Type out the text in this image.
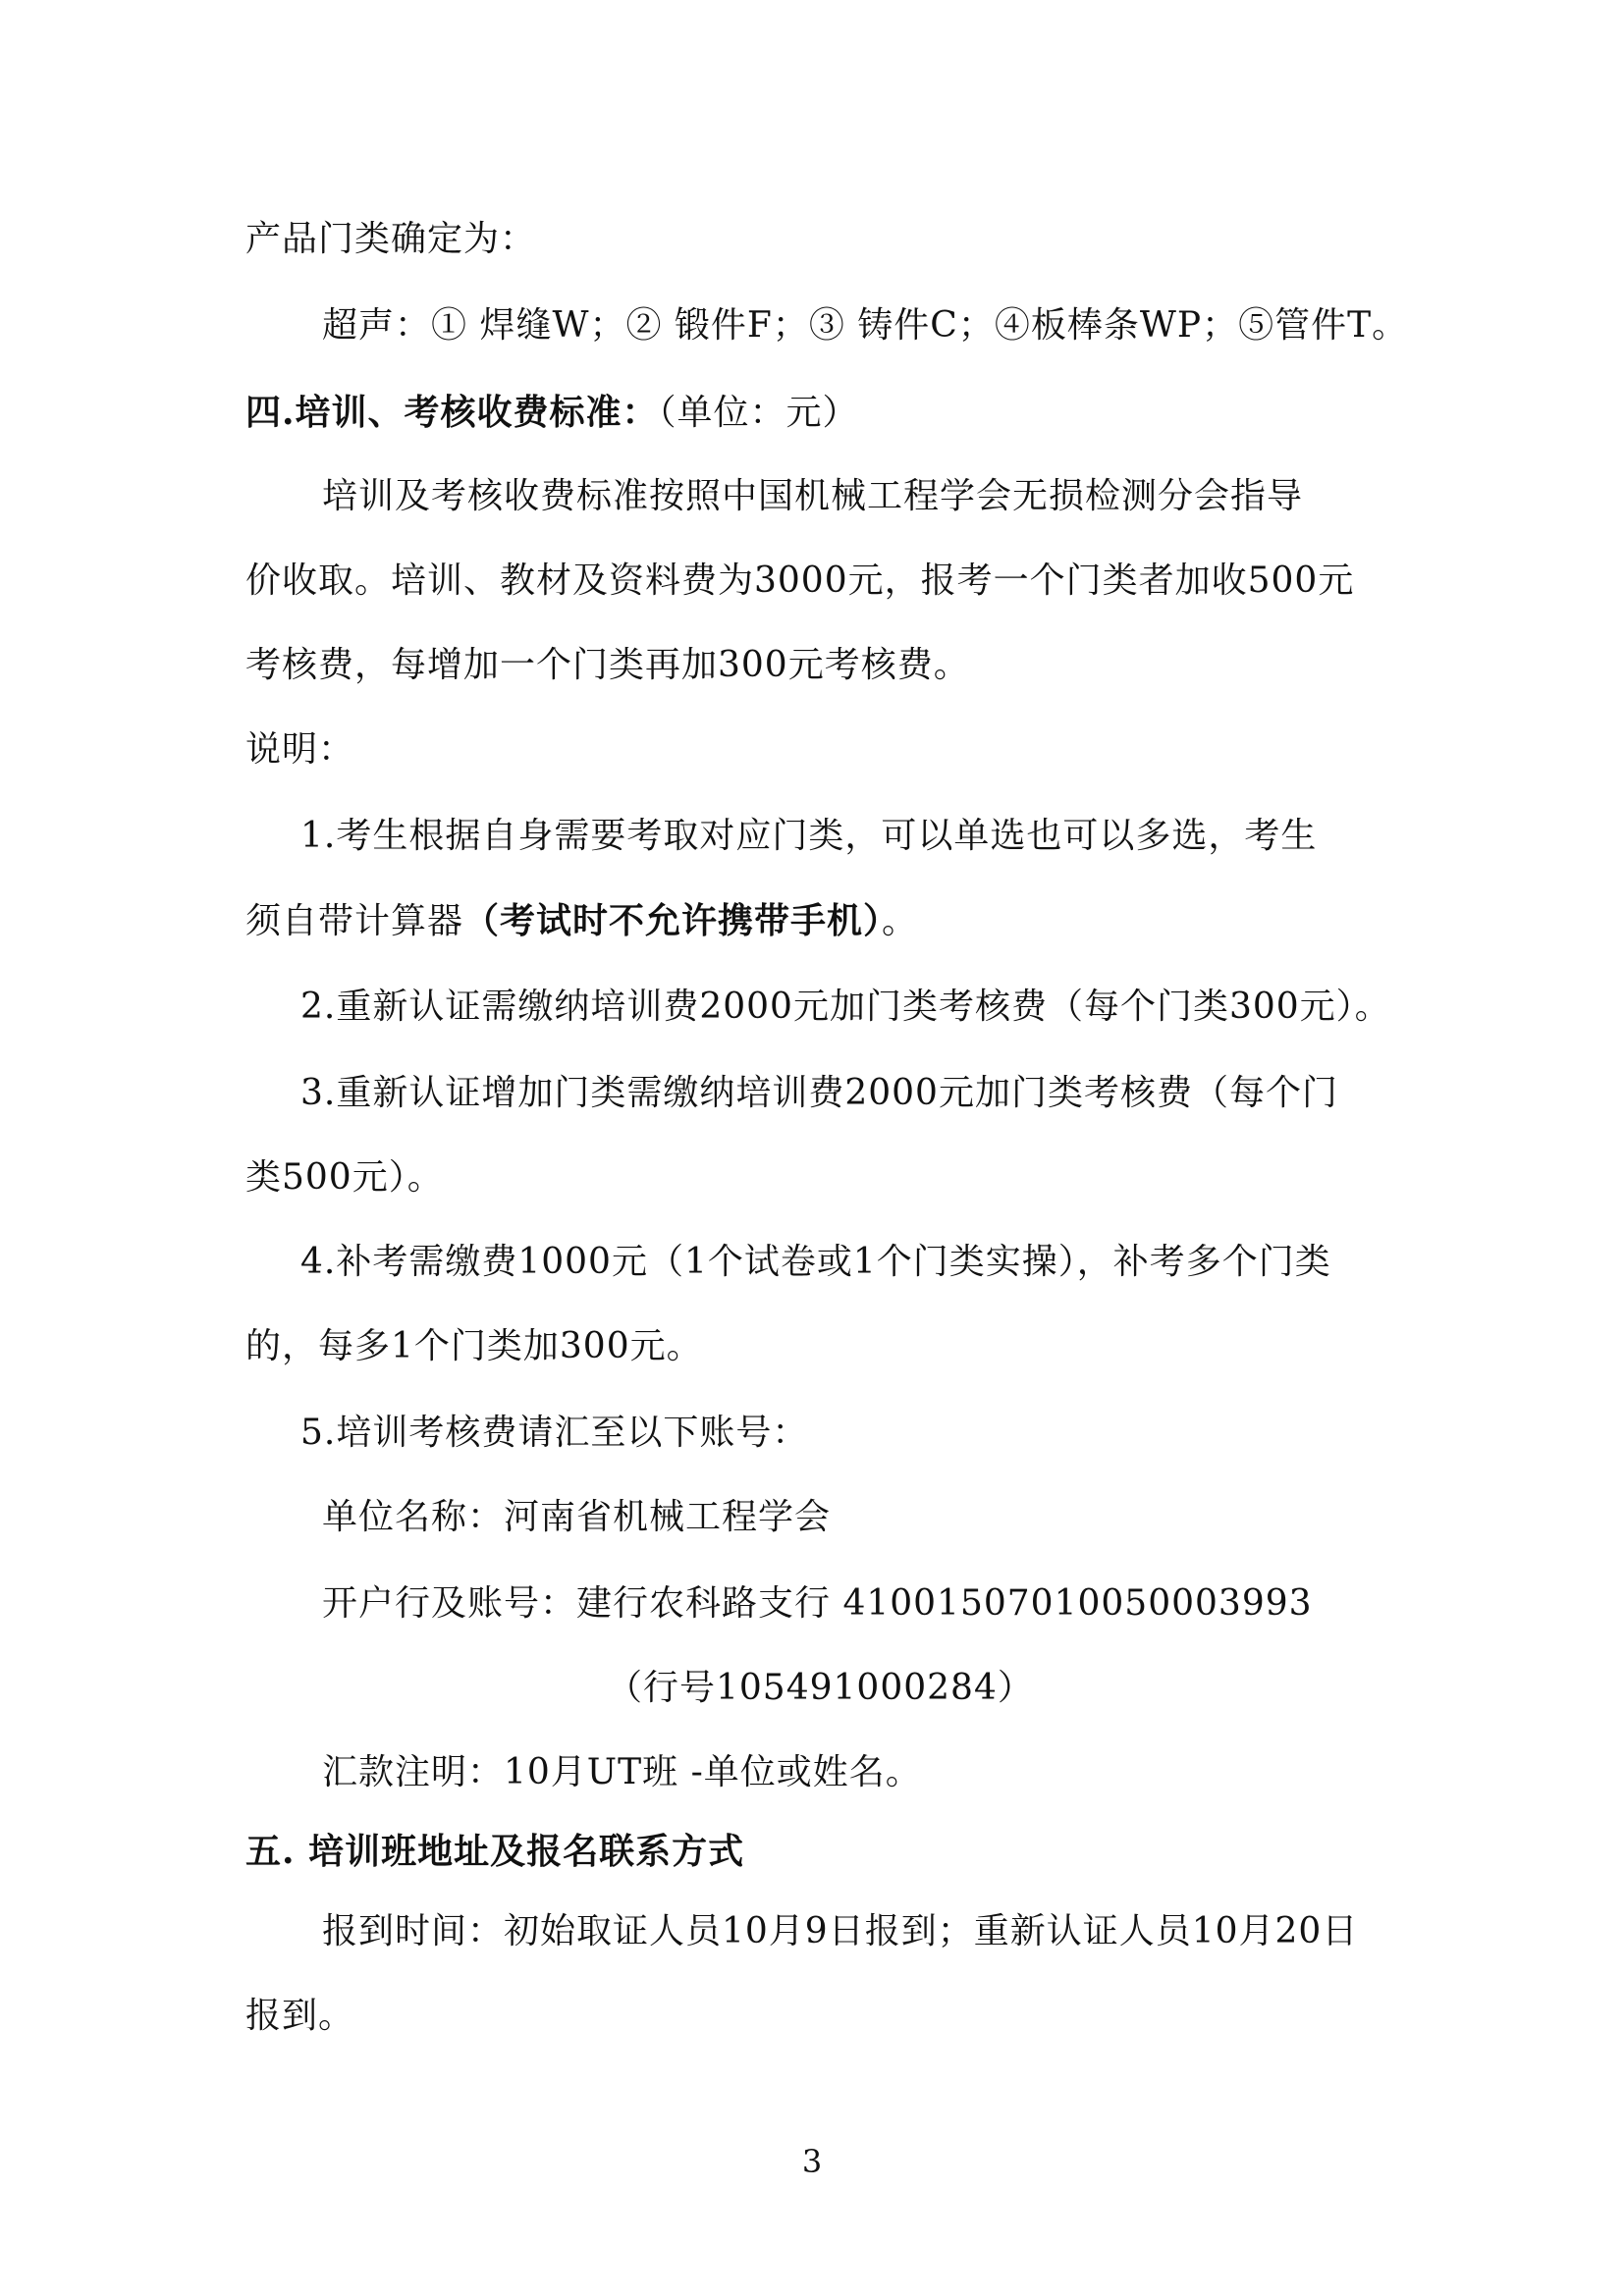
产品门类确定为：
超声：① 焊缝W；② 锻件F；③ 铸件C；④板棒条WP；⑤管件T。
四.培训、考核收费标准：（单位：元）
培训及考核收费标准按照中国机械工程学会无损检测分会指导
价收取。培训、教材及资料费为3000元，报考一个门类者加收500元
考核费，每增加一个门类再加300元考核费。
说明：
1.考生根据自身需要考取对应门类，可以单选也可以多选，考生
须自带计算器（考试时不允许携带手机）。
2.重新认证需缴纳培训费2000元加门类考核费（每个门类300元）。
3.重新认证增加门类需缴纳培训费2000元加门类考核费（每个门
类500元）。
4.补考需缴费1000元（1个试卷或1个门类实操），补考多个门类
的，每多1个门类加300元。
5.培训考核费请汇至以下账号：
单位名称：河南省机械工程学会
开户行及账号：建行农科路支行 41001507010050003993
（行号105491000284）
汇款注明：10月UT班 -单位或姓名。
五. 培训班地址及报名联系方式
报到时间：初始取证人员10月9日报到；重新认证人员10月20日
报到。
3
